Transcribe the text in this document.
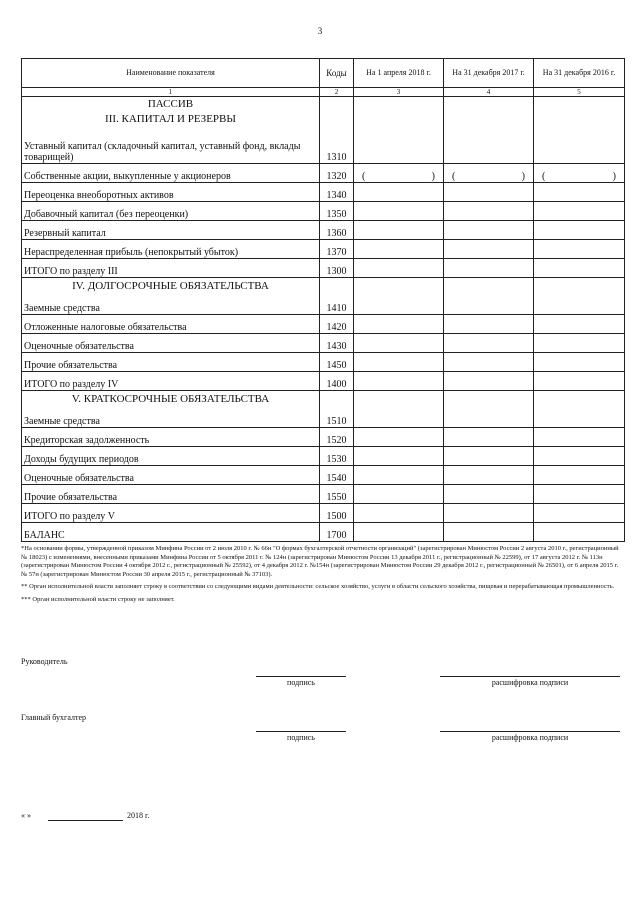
3
Наименование показателя	Коды	На 1 апреля 2018 г.	На 31 декабря 2017 г.	На 31 декабря 2016 г.
1	2	3	4	5
ПАССИВ				
III. КАПИТАЛ И РЕЗЕРВЫ				
Уставный капитал (складочный капитал, уставный фонд, вклады товарищей)	1310			
Собственные акции, выкупленные у акционеров	1320	( )	( )	( )

Переоценка внеоборотных активов	1340			
Добавочный капитал (без переоценки)	1350			
Резервный капитал	1360			
Нераспределенная прибыль (непокрытый убыток)	1370			
ИТОГО по разделу III	1300			
IV. ДОЛГОСРОЧНЫЕ ОБЯЗАТЕЛЬСТВА				
Заемные средства	1410			
Отложенные налоговые обязательства	1420			
Оценочные обязательства	1430			
Прочие обязательства	1450			
ИТОГО по разделу IV	1400			
V. КРАТКОСРОЧНЫЕ ОБЯЗАТЕЛЬСТВА				
Заемные средства	1510			
Кредиторская задолженность	1520			
Доходы будущих периодов	1530			
Оценочные обязательства	1540			
Прочие обязательства	1550			
ИТОГО по разделу V	1500			
БАЛАНС	1700			

*На основании формы, утвержденной приказом Минфина России от 2 июля 2010 г. № 66н "О формах бухгалтерской отчетности организаций" (зарегистрирован Минюстом России 2 августа 2010 г., регистрационный № 18023) с изменениями, внесенными приказами Минфина России от 5 октября 2011 г. № 124н (зарегистрирован Минюстом России 13 декабря 2011 г., регистрационный № 22599), от 17 августа 2012 г. № 113н (зарегистрирован Минюстом России 4 октября 2012 г., регистрационный № 25592), от 4 декабря 2012 г. №154н (зарегистрирован Минюстом России 29 декабря 2012 г., регистрационный № 26501), от 6 апреля 2015 г. № 57н (зарегистрирован Минюстом России 30 апреля 2015 г., регистрационный № 37103).

** Орган исполнительной власти заполняет строку в соответствии со следующими видами деятельности: сельское хозяйство, услуги в области сельского хозяйства, пищевая и перерабатывающая промышленность.

*** Орган исполнительной власти строку не заполняет.

Руководитель
подпись	расшифровка подписи
Главный бухгалтер
подпись	расшифровка подписи
« »	2018 г.
